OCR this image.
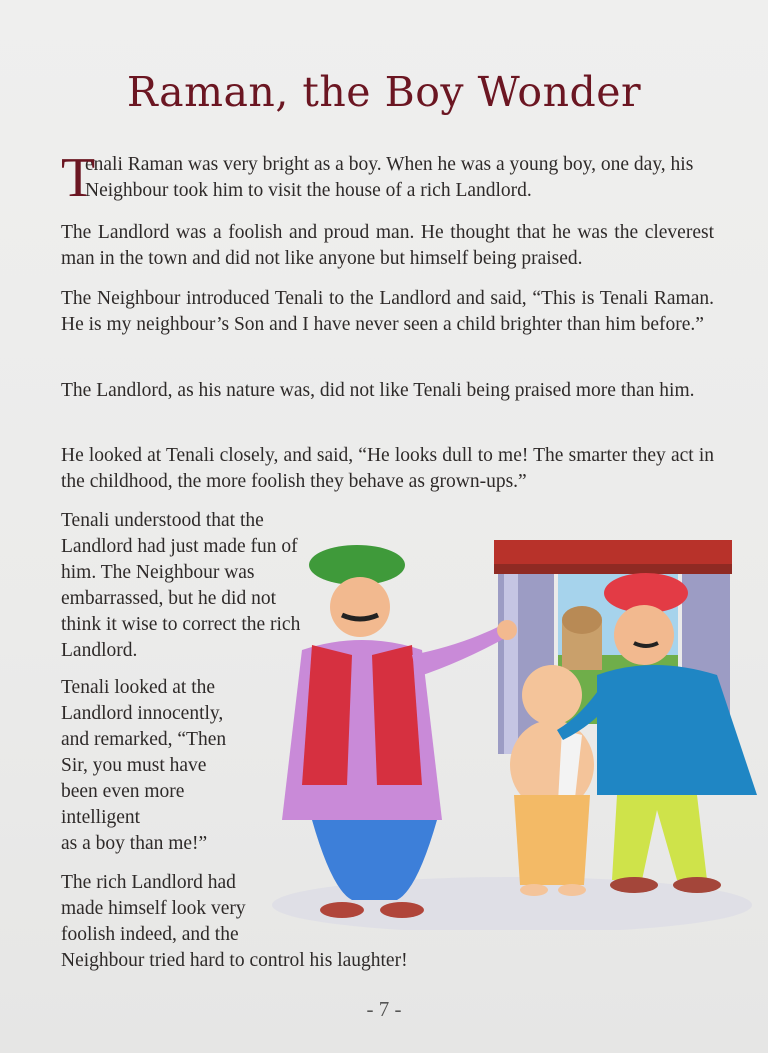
Raman, the Boy Wonder
T

enali Raman was very bright as a boy. When he was a young boy, one day, his Neighbour took him to visit the house of a rich Landlord.

The Landlord was a foolish and proud man. He thought that he was the cleverest man in the town and did not like anyone but himself being praised.

The Neighbour introduced Tenali to the Landlord and said, “This is Tenali Raman. He is my neighbour’s Son and I have never seen a child brighter than him before.”

The Landlord, as his nature was, did not like Tenali being praised more than him.

He looked at Tenali closely, and said, “He looks dull to me! The smarter they act in the childhood, the more foolish they behave as grown-ups.”

Tenali understood that the Landlord had just made fun of him. The Neighbour was embarrassed, but he did not think it wise to correct the rich Landlord.

Tenali looked at the
Landlord innocently,
and remarked, “Then
Sir, you must have
been even more
intelligent
as a boy than me!”
The rich Landlord had
made himself look very
foolish indeed, and the
Neighbour tried hard to control his laughter!
- 7 -
